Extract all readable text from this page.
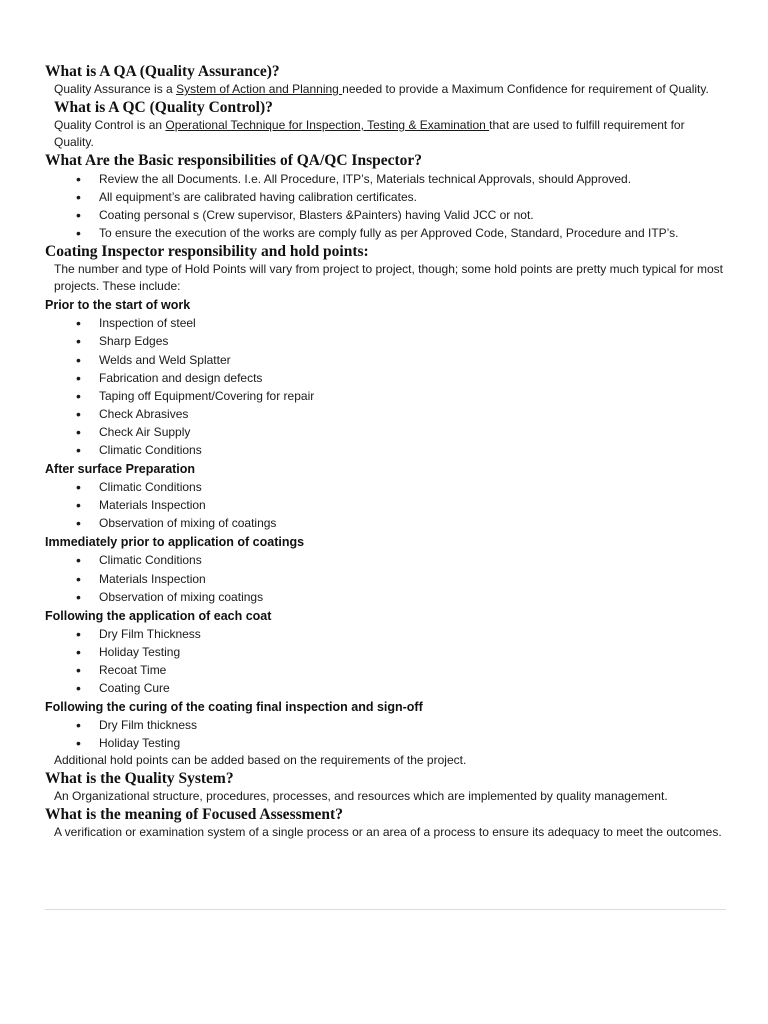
What is A QA (Quality Assurance)?

Quality Assurance is a System of Action and Planning needed to provide a Maximum Confidence for requirement of Quality.

What is A QC (Quality Control)?

Quality Control is an Operational Technique for Inspection, Testing & Examination that are used to fulfill requirement for Quality.

What Are the Basic responsibilities of QA/QC Inspector?
• Review the all Documents. I.e. All Procedure, ITP’s, Materials technical Approvals, should Approved.
• All equipment’s are calibrated having calibration certificates.
• Coating personal s (Crew supervisor, Blasters &Painters) having Valid JCC or not.
• To ensure the execution of the works are comply fully as per Approved Code, Standard, Procedure and ITP’s.
Coating Inspector responsibility and hold points:

The number and type of Hold Points will vary from project to project, though; some hold points are pretty much typical for most projects. These include:

Prior to the start of work
• Inspection of steel
• Sharp Edges
• Welds and Weld Splatter
• Fabrication and design defects
• Taping off Equipment/Covering for repair
• Check Abrasives
• Check Air Supply
• Climatic Conditions
After surface Preparation
• Climatic Conditions
• Materials Inspection
• Observation of mixing of coatings
Immediately prior to application of coatings
• Climatic Conditions
• Materials Inspection
• Observation of mixing coatings
Following the application of each coat
• Dry Film Thickness
• Holiday Testing
• Recoat Time
• Coating Cure
Following the curing of the coating final inspection and sign-off
• Dry Film thickness
• Holiday Testing

Additional hold points can be added based on the requirements of the project.

What is the Quality System?

An Organizational structure, procedures, processes, and resources which are implemented by quality management.

What is the meaning of Focused Assessment?

A verification or examination system of a single process or an area of a process to ensure its adequacy to meet the outcomes.
